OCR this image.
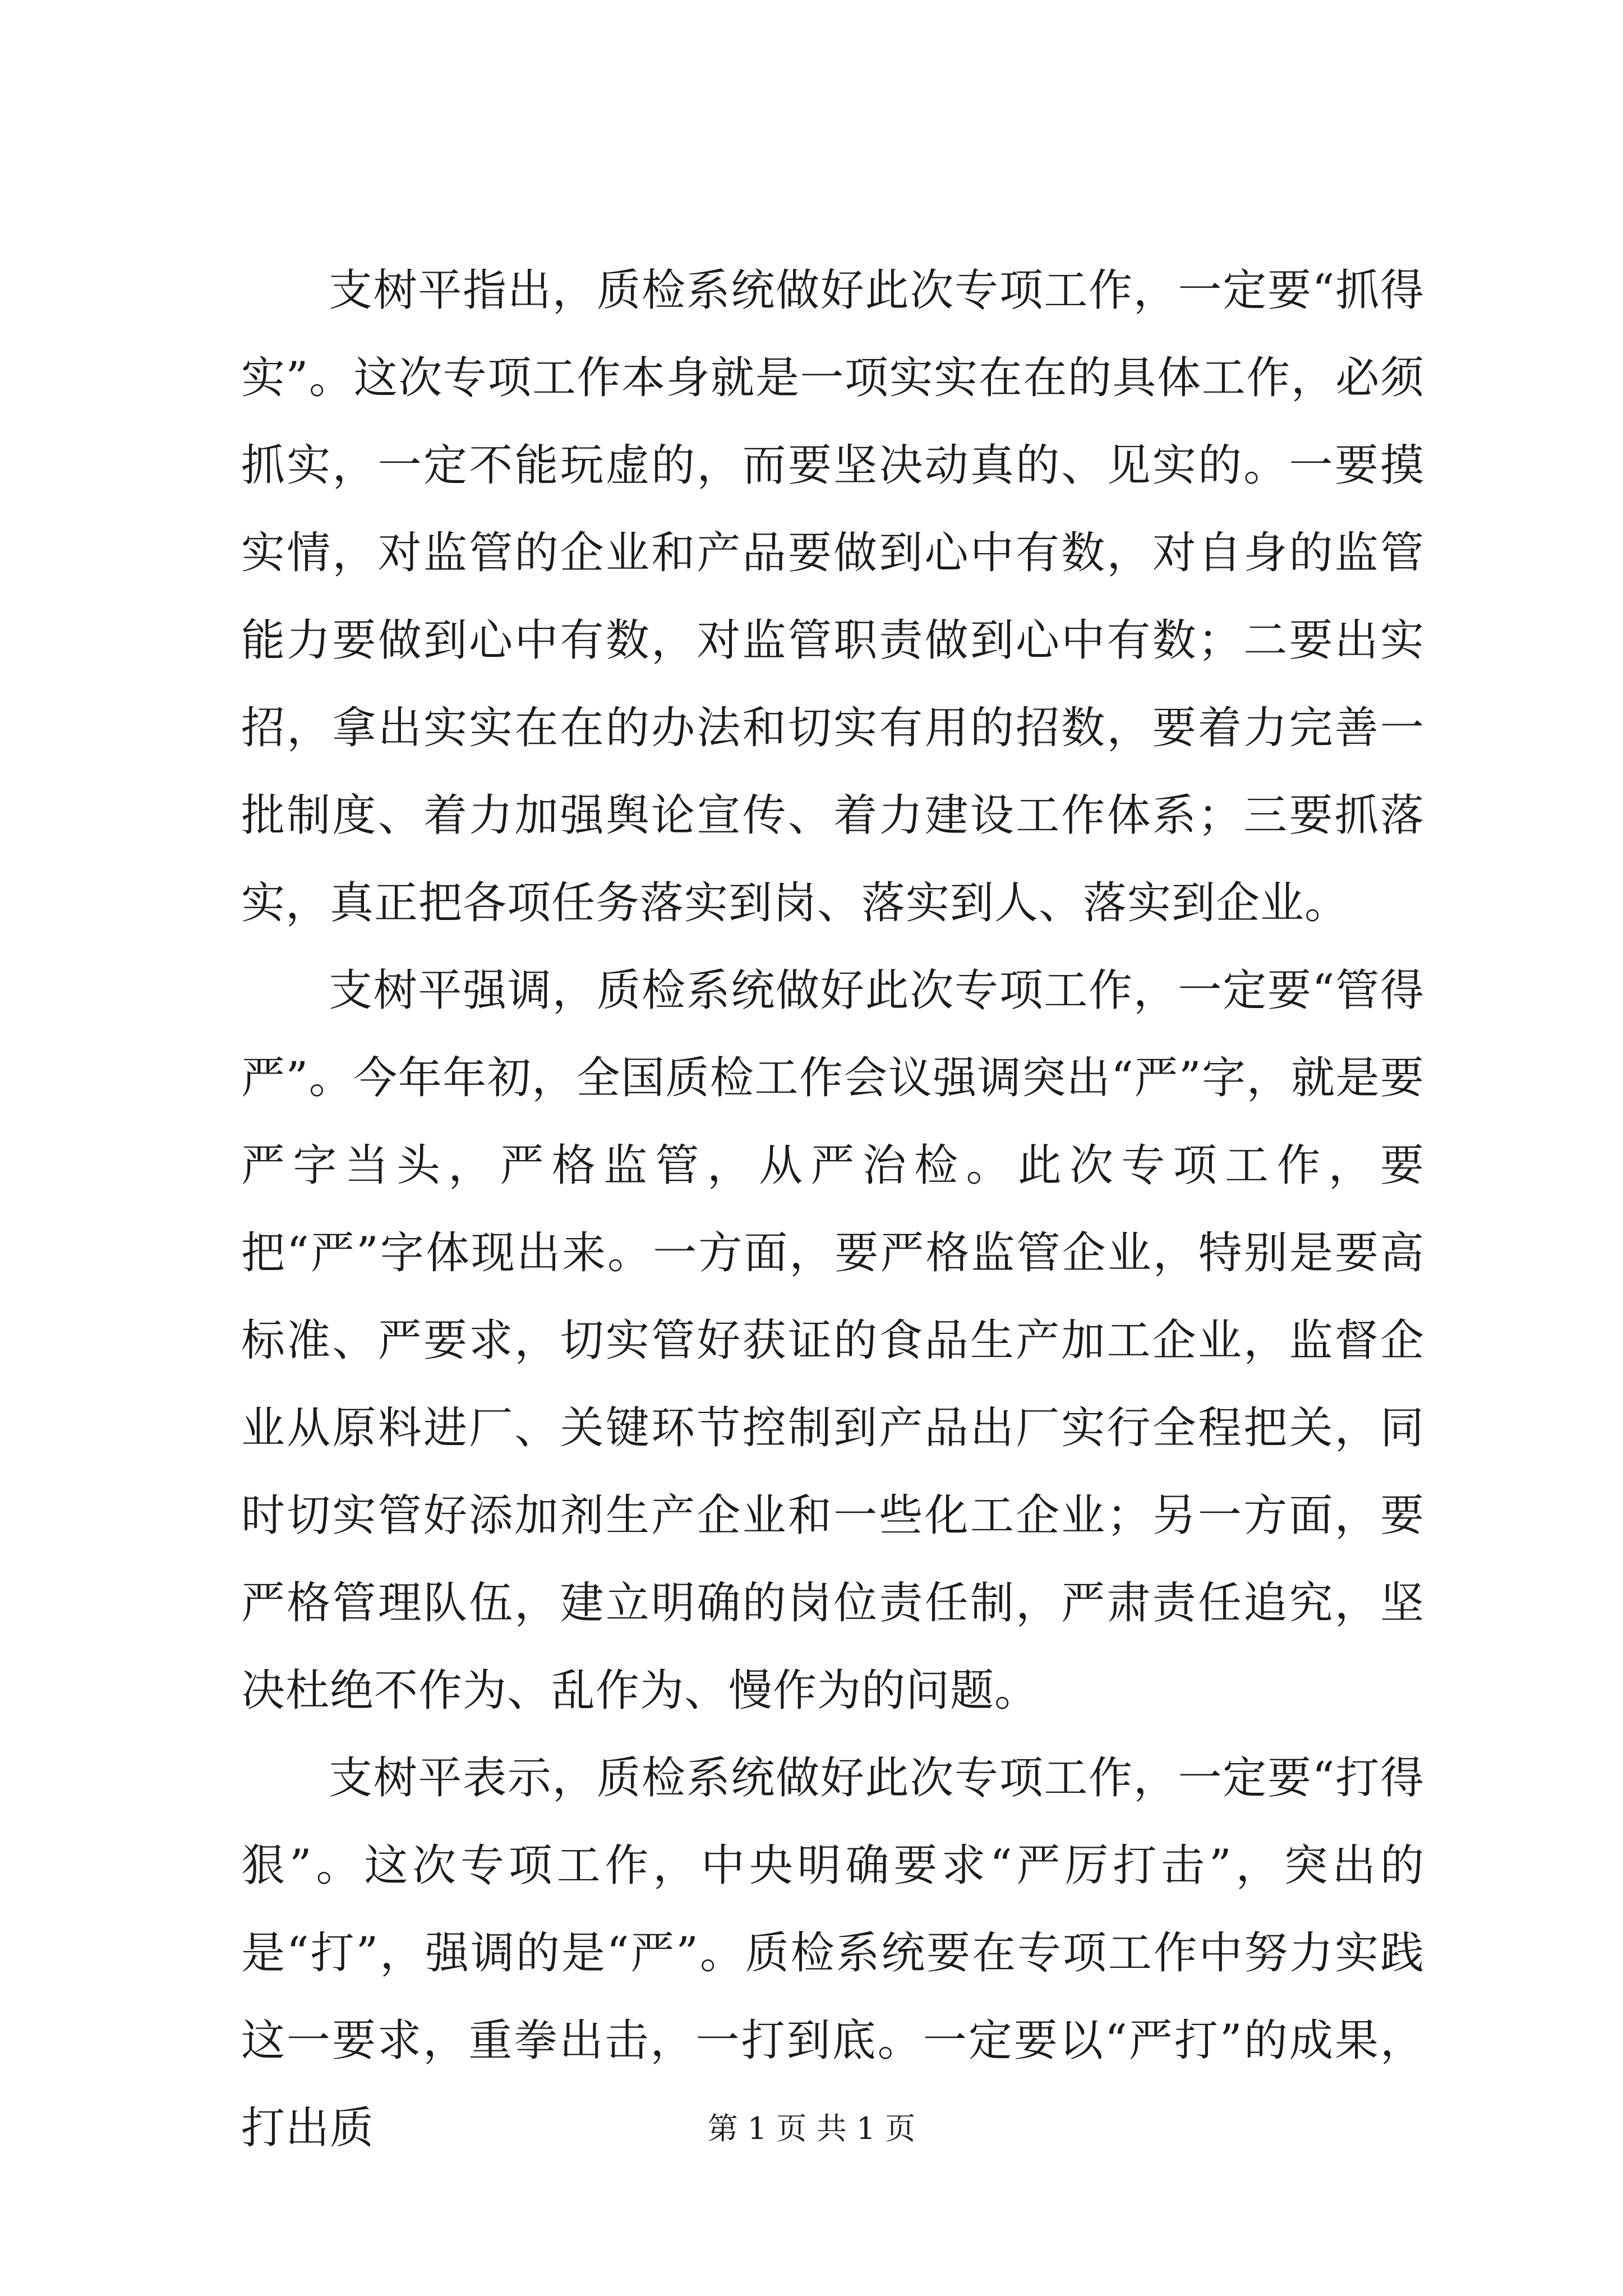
支树平指出，质检系统做好此次专项工作，一定要“抓得实”。这次专项工作本身就是一项实实在在的具体工作，必须抓实，一定不能玩虚的，而要坚决动真的、见实的。一要摸实情，对监管的企业和产品要做到心中有数，对自身的监管能力要做到心中有数，对监管职责做到心中有数；二要出实招，拿出实实在在的办法和切实有用的招数，要着力完善一批制度、着力加强舆论宣传、着力建设工作体系；三要抓落实，真正把各项任务落实到岗、落实到人、落实到企业。

支树平强调，质检系统做好此次专项工作，一定要“管得严”。今年年初，全国质检工作会议强调突出“严”字，就是要严字当头，严格监管，从严治检。此次专项工作，要把“严”字体现出来。一方面，要严格监管企业，特别是要高标准、严要求，切实管好获证的食品生产加工企业，监督企业从原料进厂、关键环节控制到产品出厂实行全程把关，同时切实管好添加剂生产企业和一些化工企业；另一方面，要严格管理队伍，建立明确的岗位责任制，严肃责任追究，坚决杜绝不作为、乱作为、慢作为的问题。

支树平表示，质检系统做好此次专项工作，一定要“打得狠”。这次专项工作，中央明确要求“严厉打击”，突出的是“打”，强调的是“严”。质检系统要在专项工作中努力实践这一要求，重拳出击，一打到底。一定要以“严打”的成果，打出质	第 1 页 共 1 页
